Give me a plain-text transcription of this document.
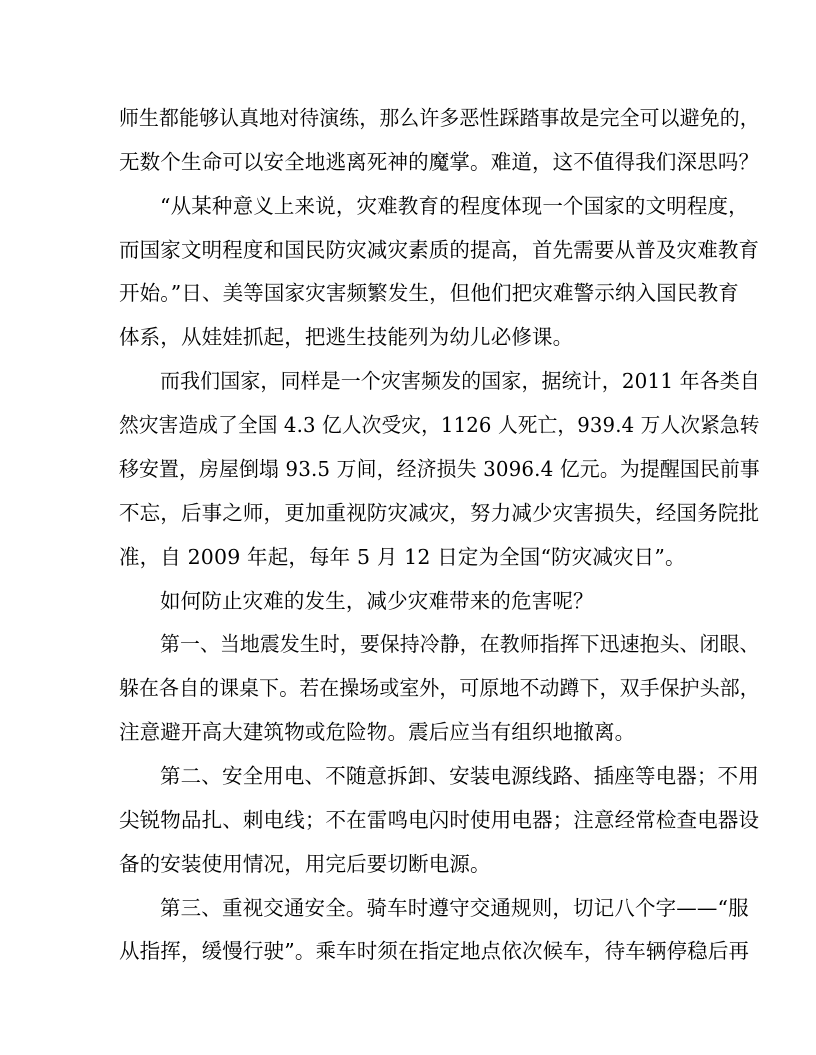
师生都能够认真地对待演练，那么许多恶性踩踏事故是完全可以避免的，
无数个生命可以安全地逃离死神的魔掌。难道，这不值得我们深思吗？
“从某种意义上来说，灾难教育的程度体现一个国家的文明程度，
而国家文明程度和国民防灾减灾素质的提高，首先需要从普及灾难教育
开始。”日、美等国家灾害频繁发生，但他们把灾难警示纳入国民教育
体系，从娃娃抓起，把逃生技能列为幼儿必修课。
而我们国家，同样是一个灾害频发的国家，据统计，2011 年各类自
然灾害造成了全国 4.3 亿人次受灾，1126 人死亡，939.4 万人次紧急转
移安置，房屋倒塌 93.5 万间，经济损失 3096.4 亿元。为提醒国民前事
不忘，后事之师，更加重视防灾减灾，努力减少灾害损失，经国务院批
准，自 2009 年起，每年 5 月 12 日定为全国“防灾减灾日”。
如何防止灾难的发生，减少灾难带来的危害呢？
第一、当地震发生时，要保持冷静，在教师指挥下迅速抱头、闭眼、
躲在各自的课桌下。若在操场或室外，可原地不动蹲下，双手保护头部，
注意避开高大建筑物或危险物。震后应当有组织地撤离。
第二、安全用电、不随意拆卸、安装电源线路、插座等电器；不用
尖锐物品扎、刺电线；不在雷鸣电闪时使用电器；注意经常检查电器设
备的安装使用情况，用完后要切断电源。
第三、重视交通安全。骑车时遵守交通规则，切记八个字——“服
从指挥，缓慢行驶”。乘车时须在指定地点依次候车，待车辆停稳后再
